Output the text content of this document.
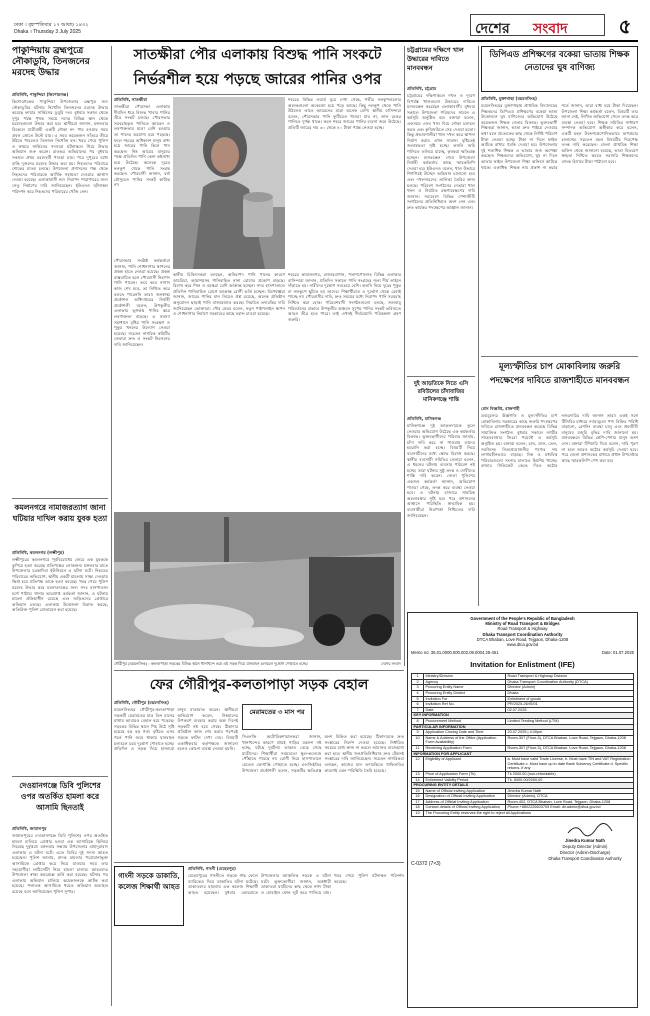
ঢাকা । বৃহস্পতিবার ১৭ আষাঢ় ১৪৩২
Dhaka । Thursday 3 July 2025	দেশের সংবাদ	৫
পাকুন্দিয়ায় ব্রহ্মপুত্রে নৌকাডুবি, তিনজনের মরদেহ উদ্ধার
প্রতিনিধি, পাকুন্দিয়া (কিশোরগঞ্জ)
কিশোরগঞ্জের পাকুন্দিয়া উপজেলার ব্রহ্মপুত্র নদে নৌকাডুবির ঘটনায় নিখোঁজ তিনজনের মরদেহ উদ্ধার করেছে ফায়ার সার্ভিসের ডুবুরি দল। বুধবার সকাল থেকে দুপুর পর্যন্ত পৃথক সময়ে নদের বিভিন্ন স্থান থেকে মরদেহগুলো উদ্ধার করা হয়। স্থানীয়রা জানান, মঙ্গলবার বিকেলে যাত্রীবাহী একটি নৌকা নদ পার হওয়ার সময় প্রবল স্রোতে উল্টে যায়। এ সময় কয়েকজন সাঁতরে তীরে উঠতে পারলেও তিনজন নিখোঁজ হন। খবর পেয়ে পুলিশ ও ফায়ার সার্ভিসের সদস্যরা ঘটনাস্থলে গিয়ে উদ্ধার অভিযান শুরু করেন। রাতভর অভিযানের পর বুধবার সকালে প্রথম মরদেহটি পাওয়া যায়। পরে দুপুরের মধ্যে বাকি দুজনের মরদেহ উদ্ধার করা হয়। নিহতদের পরিবারে শোকের মাতম চলছে। উপজেলা প্রশাসনের পক্ষ থেকে নিহতদের পরিবারকে আর্থিক সহায়তা দেওয়ার আশ্বাস দেওয়া হয়েছে। এলাকাবাসী নদে নিরাপদ পারাপারের জন্য সেতু নির্মাণের দাবি জানিয়েছেন। ইউএনও ঘটনাস্থল পরিদর্শন করে নিহতদের পরিবারের খোঁজ নেন।
কমলনগরে নামাজরত্যাগ জানা ঘটিয়ার দাখিল করায় যুবক হত্যা
প্রতিনিধি, কমলনগর (লক্ষ্মীপুর)
লক্ষ্মীপুরের কমলনগরে পূর্ববিরোধের জেরে এক যুবককে কুপিয়ে হত্যা করেছে প্রতিপক্ষের লোকজন। মঙ্গলবার রাতে উপজেলার চরকাদিরা ইউনিয়নে এ ঘটনা ঘটে। নিহতের পরিবারের অভিযোগ, স্থানীয় একটি মামলায় সাক্ষ্য দেওয়ায় ক্ষিপ্ত হয়ে প্রতিপক্ষ তাকে হত্যা করেছে। খবর পেয়ে পুলিশ মরদেহ উদ্ধার করে ময়নাতদন্তের জন্য সদর হাসপাতাল মর্গে পাঠায়। থানার ভারপ্রাপ্ত কর্মকর্তা জানান, এ ঘটনায় মামলা প্রক্রিয়াধীন রয়েছে এবং জড়িতদের গ্রেপ্তারে অভিযান চলছে। এলাকায় উত্তেজনা বিরাজ করছে, অতিরিক্ত পুলিশ মোতায়েন করা হয়েছে।
দেওয়ানগঞ্জে ডিবি পুলিশের ওপর অতর্কিত হামলা করে আসামি ছিনতাই
প্রতিনিধি, জামালপুর
জামালপুরের দেওয়ানগঞ্জে ডিবি পুলিশের ওপর অতর্কিত হামলা চালিয়ে গ্রেপ্তার হওয়া এক আসামিকে ছিনিয়ে নিয়েছে দুর্বৃত্তরা। মঙ্গলবার সন্ধ্যায় উপজেলার বাহাদুরাবাদ এলাকায় এ ঘটনা ঘটে। এতে ডিবির দুই সদস্য আহত হয়েছেন। পুলিশ জানায়, মাদক মামলার পরোয়ানাভুক্ত আসামিকে গ্রেপ্তার করে নিয়ে যাওয়ার সময় তার সহযোগীরা লাঠিসোঁটা নিয়ে হামলা চালায়। আহতদের উপজেলা স্বাস্থ্য কমপ্লেক্সে ভর্তি করা হয়েছে। ঘটনার পর এলাকায় অভিযান চালিয়ে কয়েকজনকে আটক করা হয়েছে। পলাতক আসামিকে ধরতে অভিযান অব্যাহত রয়েছে বলে জানিয়েছেন পুলিশ সুপার।
সাতক্ষীরা পৌর এলাকায় বিশুদ্ধ পানি সংকটে
নির্ভরশীল হয়ে পড়ছে জারের পানির ওপর
প্রতিনিধি, সাতক্ষীরা
সাতক্ষীরা পৌরসভা এলাকায় দীর্ঘদিন ধরে বিশুদ্ধ খাবার পানির তীব্র সংকট চলছে। পৌরসভার সরবরাহকৃত পানিতে আয়রন ও লবণাক্ততার মাত্রা বেশি হওয়ায় তা পানের অযোগ্য হয়ে পড়েছে। ফলে শহরের অধিকাংশ মানুষ বাধ্য হয়ে জারের পানি কিনে পান করছেন। নিম্ন আয়ের মানুষের পক্ষে প্রতিদিন পানি কেনা কষ্টসাধ্য হয়ে উঠেছে। অনেকে দূরের নলকূপ থেকে পানি সংগ্রহ করছেন। পৌরবাসী জানান, বর্ষা মৌসুমেও পানির সংকট কাটছে না।
শহরের বিভিন্ন ওয়ার্ড ঘুরে দেখা গেছে, গভীর নলকূপগুলোর অনেকগুলো অকেজো হয়ে পড়ে আছে। কিছু নলকূপ থেকে পানি উঠলেও তাতে আয়রনের মাত্রা অনেক বেশি। স্থানীয় বাসিন্দারা বলেন, পৌরসভার পানি ফুটিয়েও খাওয়া যায় না, লাল রঙের পানিতে দুর্গন্ধ থাকে। ফলে শহরে জারের পানির ব্যবসা জমে উঠেছে। প্রতিটি জারের দাম ৩০ থেকে ৪০ টাকা পর্যন্ত নেওয়া হচ্ছে।
পৌরসভার সংশ্লিষ্ট কর্মকর্তারা জানান, পানি শোধনাগার স্থাপনের প্রকল্প হাতে নেওয়া হয়েছে। প্রকল্প বাস্তবায়িত হলে পৌরবাসী নিরাপদ পানি পাবেন। তবে কবে নাগাদ কাজ শেষ হবে, তা নিশ্চিত করে বলতে পারেননি তারা। জনস্বাস্থ্য প্রকৌশল অধিদপ্তরের নির্বাহী প্রকৌশলী বলেন, উপকূলীয় এলাকায় ভূগর্ভস্থ পানির স্তরে লবণাক্ততা বাড়ছে। এ সমস্যা সমাধানে বৃষ্টির পানি সংরক্ষণ ও পুকুর খননের উদ্যোগ নেওয়া হয়েছে। সচেতন নাগরিক কমিটির নেতারা দ্রুত এ সংকট নিরসনের দাবি জানিয়েছেন।
স্থানীয় চিকিৎসকরা বলছেন, অনিরাপদ পানি পানের কারণে ডায়রিয়া, আমাশয়সহ পানিবাহিত নানা রোগের প্রকোপ বাড়ছে। বিশেষ করে শিশু ও বয়স্করা বেশি আক্রান্ত হচ্ছেন। সদর হাসপাতালে প্রতিদিন পানিবাহিত রোগে আক্রান্ত রোগী ভর্তি হচ্ছেন। বিশেষজ্ঞরা জানান, জারের পানির মান নিয়েও প্রশ্ন রয়েছে, অনেক প্রতিষ্ঠান অনুমোদন ছাড়াই পানি বাজারজাত করছে। নিয়মিত তদারকির দাবি জানিয়েছেন ভোক্তারা। পৌর মেয়র বলেন, নতুন পাইপলাইন স্থাপন ও শোধনাগার নির্মাণে সরকারের কাছে বরাদ্দ চাওয়া হয়েছে।
শহরের কামালনগর, রাজারবাগান, পলাশপোলসহ বিভিন্ন এলাকার বাসিন্দারা জানান, প্রতিদিন সকালে পানি সংগ্রহের জন্য দীর্ঘ লাইনে দাঁড়াতে হয়। নারীদের দুর্ভোগ সবচেয়ে বেশি। কলসি নিয়ে দূরের পুকুর বা নলকূপে ছুটতে হয় তাদের। শিক্ষার্থীরাও এ দুর্ভোগ থেকে রেহাই পাচ্ছে না। পৌরবাসীর দাবি, দ্রুত সময়ের মধ্যে নিরাপদ পানি সরবরাহ নিশ্চিত করা হোক। পরিবেশবাদী সংগঠনগুলো বলছে, জলবায়ু পরিবর্তনের প্রভাবে উপকূলীয় অঞ্চলে সুপেয় পানির সংকট ভবিষ্যতে আরও তীব্র হতে পারে। তাই এখনই দীর্ঘমেয়াদি পরিকল্পনা গ্রহণ জরুরি।
গৌরীপুর (ময়মনসিংহ) : কলতাপাড়া সড়কের বিভিন্ন স্থানে খানাখন্দে ভরা এই সড়ক দিয়ে যানবাহন চলাচলে দুর্ভোগ পোহাতে হচ্ছে।	দেশের সংবাদ
চট্টগ্রামের দক্ষিণে খাল উদ্ধারের দাবিতে মানববন্ধন
প্রতিনিধি, চট্টগ্রাম
চট্টগ্রামের দক্ষিণাঞ্চলে দখল ও দূষণে বিপর্যস্ত খালগুলো উদ্ধারের দাবিতে মানববন্ধন করেছেন এলাকাবাসী। বুধবার সকালে উপজেলা পরিষদের সামনে এ কর্মসূচি অনুষ্ঠিত হয়। বক্তারা বলেন, একসময় এসব খাল দিয়ে নৌকা চলাচল করত এবং কৃষিজমিতে সেচ দেওয়া হতো। কিন্তু প্রভাবশালীরা খাল দখল করে স্থাপনা নির্মাণ করায় এখন সামান্য বৃষ্টিতেই জলাবদ্ধতা সৃষ্টি হচ্ছে। ফসলি জমি পানিতে তলিয়ে যাচ্ছে, কৃষকরা ক্ষতিগ্রস্ত হচ্ছেন। মানববন্ধন শেষে উপজেলা নির্বাহী কর্মকর্তার কাছে স্মারকলিপি দেওয়া হয়। ইউএনও বলেন, খাল উদ্ধারে শিগগিরই উচ্ছেদ অভিযান চালানো হবে এবং দখলদারদের তালিকা তৈরির কাজ চলছে। পরিবেশ সংগঠনের নেতারা খাল খনন ও নিয়মিত রক্ষণাবেক্ষণের দাবি জানান। সমাবেশে বিভিন্ন পেশাজীবী সংগঠনের প্রতিনিধিরাও অংশ নেন এবং দ্রুত কার্যকর পদক্ষেপের আহ্বান জানান।
দুই আড়তিকে নিতে এসি রবিউলের চাঁদাবাজির মানিকগঞ্জে শান্তি
প্রতিনিধি, মানিকগঞ্জ
মানিকগঞ্জে দুই আড়তদারকে তুলে নেওয়ার অভিযোগ উঠেছে এক কর্মকর্তার বিরুদ্ধে। ভুক্তভোগীদের পরিবার জানায়, চাঁদা দাবি করে না পাওয়ায় তাদের হয়রানি করা হচ্ছে। বিষয়টি নিয়ে ব্যবসায়ীদের মধ্যে ক্ষোভ বিরাজ করছে। স্থানীয় ব্যবসায়ী সমিতির নেতারা বলেন, এ ধরনের ঘটনায় ব্যবসার পরিবেশ নষ্ট হচ্ছে। তারা ঘটনার সুষ্ঠু তদন্ত ও দোষীদের শাস্তি দাবি করেন। জেলা পুলিশের একজন কর্মকর্তা জানান, অভিযোগ পাওয়া গেছে, তদন্ত করে ব্যবস্থা নেওয়া হবে। এ ঘটনায় বাজারে সাময়িক অচলাবস্থার সৃষ্টি হয়। পরে প্রশাসনের আশ্বাসে পরিস্থিতি স্বাভাবিক হয়। ব্যবসায়ীরা নিরাপত্তা নিশ্চিতের দাবি জানিয়েছেন।
ডিপিএড প্রশিক্ষণের বকেয়া ভাতায় শিক্ষক নেতাদের ঘুষ বাণিজ্য
প্রতিনিধি, মুক্তাগাছা (ময়মনসিংহ)
ময়মনসিংহের মুক্তাগাছায় প্রাথমিক বিদ্যালয়ের শিক্ষকদের ডিপিএড প্রশিক্ষণের বকেয়া ভাতা উত্তোলনে ঘুষ বাণিজ্যের অভিযোগ উঠেছে কয়েকজন শিক্ষক নেতার বিরুদ্ধে। ভুক্তভোগী শিক্ষকরা জানান, ভাতা দ্রুত পাইয়ে দেওয়ার কথা বলে প্রত্যেকের কাছ থেকে নির্দিষ্ট পরিমাণ টাকা নেওয়া হচ্ছে। টাকা না দিলে ফাইল আটকে রাখার হুমকি দেওয়া হয়। উপজেলার দুই শতাধিক শিক্ষক এ ভাতার জন্য অপেক্ষা করছেন। শিক্ষকদের অভিযোগ, ঘুষ না দিলে ভাতার ফাইল উপজেলা শিক্ষা অফিসে আটকে থাকে। একাধিক শিক্ষক নাম প্রকাশ না করার শর্তে জানান, তারা বাধ্য হয়ে টাকা দিয়েছেন। উপজেলা শিক্ষা কর্মকর্তা বলেন, বিষয়টি তার জানা নেই, লিখিত অভিযোগ পেলে তদন্ত করে ব্যবস্থা নেওয়া হবে। শিক্ষক সমিতির সাধারণ সম্পাদক অভিযোগ অস্বীকার করে বলেন, একটি মহল উদ্দেশ্যপ্রণোদিতভাবে অপপ্রচার চালাচ্ছে। সচেতন মহল বিষয়টির নিরপেক্ষ তদন্ত দাবি করেছেন। জেলা প্রাথমিক শিক্ষা অফিস থেকে জানানো হয়েছে, ভাতা বিতরণে স্বচ্ছতা নিশ্চিত করতে সরাসরি শিক্ষকদের ব্যাংক হিসাবে টাকা পাঠানো হবে।
মূল্যস্ফীতির চাপ মোকাবিলায় জরুরি পদক্ষেপের দাবিতে রাজশাহীতে মানববন্ধন
প্রেস বিজ্ঞপ্তি, রাজশাহী
দ্রব্যমূল্যের ঊর্ধ্বগতি ও মূল্যস্ফীতির চাপ মোকাবিলায় সরকারের কাছে জরুরি পদক্ষেপের দাবিতে রাজশাহীতে মানববন্ধন করেছে বিভিন্ন সামাজিক সংগঠন। বুধবার সকালে নগরীর সাহেববাজার জিরো পয়েন্টে এ কর্মসূচি অনুষ্ঠিত হয়। বক্তারা বলেন, চাল, ডাল, তেল, সবজিসহ নিত্যপ্রয়োজনীয় পণ্যের দাম লাগামহীনভাবে বাড়ছে। নিম্ন ও মধ্যবিত্ত পরিবারগুলো সংসার চালাতে হিমশিম খাচ্ছে। বাজার সিন্ডিকেট ভেঙে দিতে কঠোর নজরদারির দাবি জানান তারা। একই সঙ্গে টিসিবির মাধ্যমে ন্যায্যমূল্যে পণ্য বিক্রির পরিধি বাড়ানো, রেশনিং ব্যবস্থা চালু এবং শ্রমজীবী মানুষের মজুরি বৃদ্ধির দাবি জানানো হয়। মানববন্ধনে বিভিন্ন শ্রেণি-পেশার মানুষ অংশ নেন। বক্তারা হুঁশিয়ারি দিয়ে বলেন, দাবি পূরণ না হলে আরও কঠোর কর্মসূচি দেওয়া হবে। পরে জেলা প্রশাসকের মাধ্যমে প্রধান উপদেষ্টার কাছে স্মারকলিপি পেশ করা হয়।
ফের গৌরীপুর-কলতাপাড়া সড়ক বেহাল
প্রতিনিধি, গৌরীপুর (ময়মনসিংহ)
ময়মনসিংহের গৌরীপুর-কলতাপাড়া সড়কটি মেরামতের মাত্র তিন মাসের মাথায় আবারও বেহাল হয়ে পড়েছে। সড়কের বিভিন্ন স্থানে পিচ উঠে সৃষ্টি হয়েছে বড় বড় গর্ত। বৃষ্টিতে এসব গর্তে পানি জমে থাকায় যানবাহন চলাচলে চরম দুর্ভোগ পোহাতে হচ্ছে। প্রতিদিন এ সড়ক দিয়ে হাজারো মানুষ যাতায়াত করেন। স্থানীয়রা অভিযোগ করেন, নিম্নমানের উপকরণ ব্যবহার করায় অল্প দিনেই সড়কটি নষ্ট হয়ে গেছে। ঠিকাদার প্রতিষ্ঠান কাজ শেষ করার পরপরই সড়কে ফাটল দেখা দেয়। বিষয়টি একাধিকবার কর্তৃপক্ষকে জানানো হলেও কোনো ব্যবস্থা নেওয়া হয়নি।
মেরামতের ৩ মাস পর
সিএনজি অটোরিকশাচালকরা জানান, খানাখন্দের কারণে প্রায়ই গাড়ির যন্ত্রাংশ নষ্ট হচ্ছে, ঘটছে দুর্ঘটনা। ভাড়াও বেড়ে গেছে যাত্রীদের। শিক্ষার্থীরা সময়মতো স্কুল-কলেজে পৌঁছাতে পারছে না। রোগী নিয়ে হাসপাতালে যেতেও ভোগান্তি পোহাতে হচ্ছে। এলজিইডির উপজেলা প্রকৌশলী বলেন, সড়কটির ক্ষতিগ্রস্ত অংশ চিহ্নিত করা হয়েছে। ঠিকাদারকে দ্রুত সংস্কারের নির্দেশ দেওয়া হয়েছে। নির্ধারিত সময়ের মধ্যে কাজ না করলে জামানত বাজেয়াপ্ত করা হবে। স্থানীয় জনপ্রতিনিধিরাও দ্রুত টেকসই সংস্কারের দাবি জানিয়েছেন। সচেতন নাগরিকরা বলছেন, কাজের মান তদারকিতে গাফিলতির কারণেই এমন পরিস্থিতি তৈরি হয়েছে।
গাংনী সড়কে ডাকাতি, কলেজ শিক্ষার্থী আহত
প্রতিনিধি, গাংনী (মেহেরপুর)
মেহেরপুরের গাংনীতে সড়কে গাছ ফেলে ব্যারিকেড দিয়ে ডাকাতির ঘটনা ঘটেছে। ডাকাতদের হামলায় এক কলেজ শিক্ষার্থী আহত হয়েছেন। বুধবার ভোররাতে উপজেলার আঞ্চলিক সড়কে এ ঘটনা ঘটে। ভুক্তভোগীরা জানান, অস্ত্রধারী ডাকাতরা যাত্রীদের কাছ থেকে নগদ টাকা ও মোবাইল ফোন লুট করে পালিয়ে যায়। খবর পেয়ে পুলিশ ঘটনাস্থল পরিদর্শন করেছে।
Government of the People's Republic of Bangladesh
Ministry of Road Transport & Bridges
Road Transport & Highway
Dhaka Transport Coordination Authority
DTCA Bhaban, Love Road, Tejgaon, Dhaka-1208
www.dtca.gov.bd
Memo no: 35.01.0000.000.002.09.0004.25-451	Date: 01.07.2025
Invitation for Enlistment (IFE)
1	Ministry/Division	Road Transport & Highway Division
2	Agency	Dhaka Transport Coordination Authority (DTCA)
3	Procuring Entity Name	Director (Admin)
4	Procuring Entity District	Dhaka
5	Invitation For	Enlistment of goods
6	Invitation Ref No.	PR/2025-26/IS/01
7	Date	02.07.2025
KEY INFORMATION		
8	Procurement Method	Limited Tending Method (LTM)
PARTICULAR INFORMATION		
9	Application Closing Date and Time	20.07.2025 | 4.00pm
10	Name & Address of the Office (Application Form Availability)	Room-307 (Floor-3), DTCA Bhaban, Love Road, Tejgaon, Dhaka-1208
11	Receiving Application Form	Room-307 (Floor-3), DTCA Bhaban, Love Road, Tejgaon, Dhaka-1208
INFORMATION FOR APPLICANT		
12	Eligibility of Applicant	a. Must have valid Trade License, b. Must have TIN and VAT Registration Certificate c. Must have up to date Bank Solvency Certificate d. Specific returns, if any
13	Price of Application Form (Tk)	Tk 2000.00 (non-refundable)
14	Enlistment Validity Period	Tk. 5000.00/2000.00
PROCURING ENTITY DETAILS		
15	Name of Official Inviting Application	Jinedra Kumar Nath
16	Designation of Official Inviting Application	Director (Admin), DTCA
17	Address of Official Inviting Application	Room-402, DTCA Bhaban, Love Road, Tejgaon, Dhaka-1208
18	Contact details of Official Inviting Application	Phone:+8802226603705 Email: dir.admin@dtca.gov.bd
19	The Procuring Entity reserves the right to reject all Applications	
Jinedra Kumar Nath
Deputy Director (Admin)
Director (Admin-Discharge)
Dhaka Transport Coordination Authority
C-0372 (7×3)
